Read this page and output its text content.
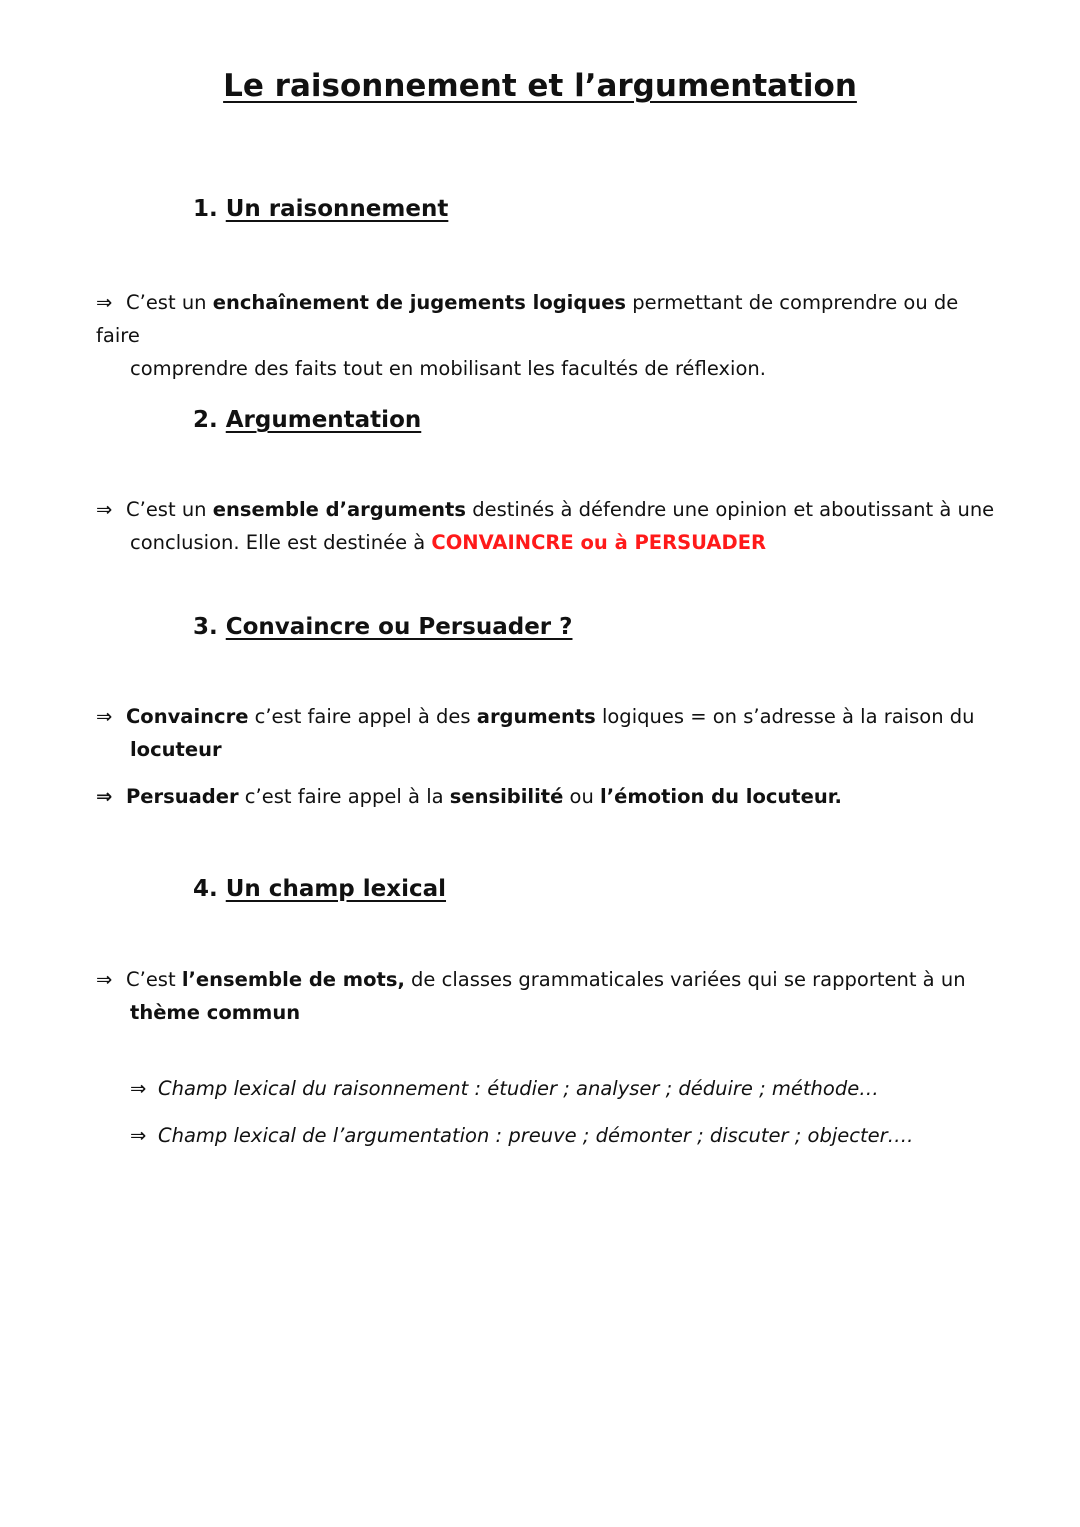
Le raisonnement et l’argumentation
1. Un raisonnement
⇒ C’est un enchaînement de jugements logiques permettant de comprendre ou de faire
comprendre des faits tout en mobilisant les facultés de réflexion.
2. Argumentation
⇒ C’est un ensemble d’arguments destinés à défendre une opinion et aboutissant à une
conclusion. Elle est destinée à CONVAINCRE ou à PERSUADER
3. Convaincre ou Persuader ?
⇒ Convaincre c’est faire appel à des arguments logiques = on s’adresse à la raison du
locuteur
⇒ Persuader c’est faire appel à la sensibilité ou l’émotion du locuteur.
4. Un champ lexical
⇒ C’est l’ensemble de mots, de classes grammaticales variées qui se rapportent à un
thème commun
⇒ Champ lexical du raisonnement : étudier ; analyser ; déduire ; méthode…
⇒ Champ lexical de l’argumentation : preuve ; démonter ; discuter ; objecter….
